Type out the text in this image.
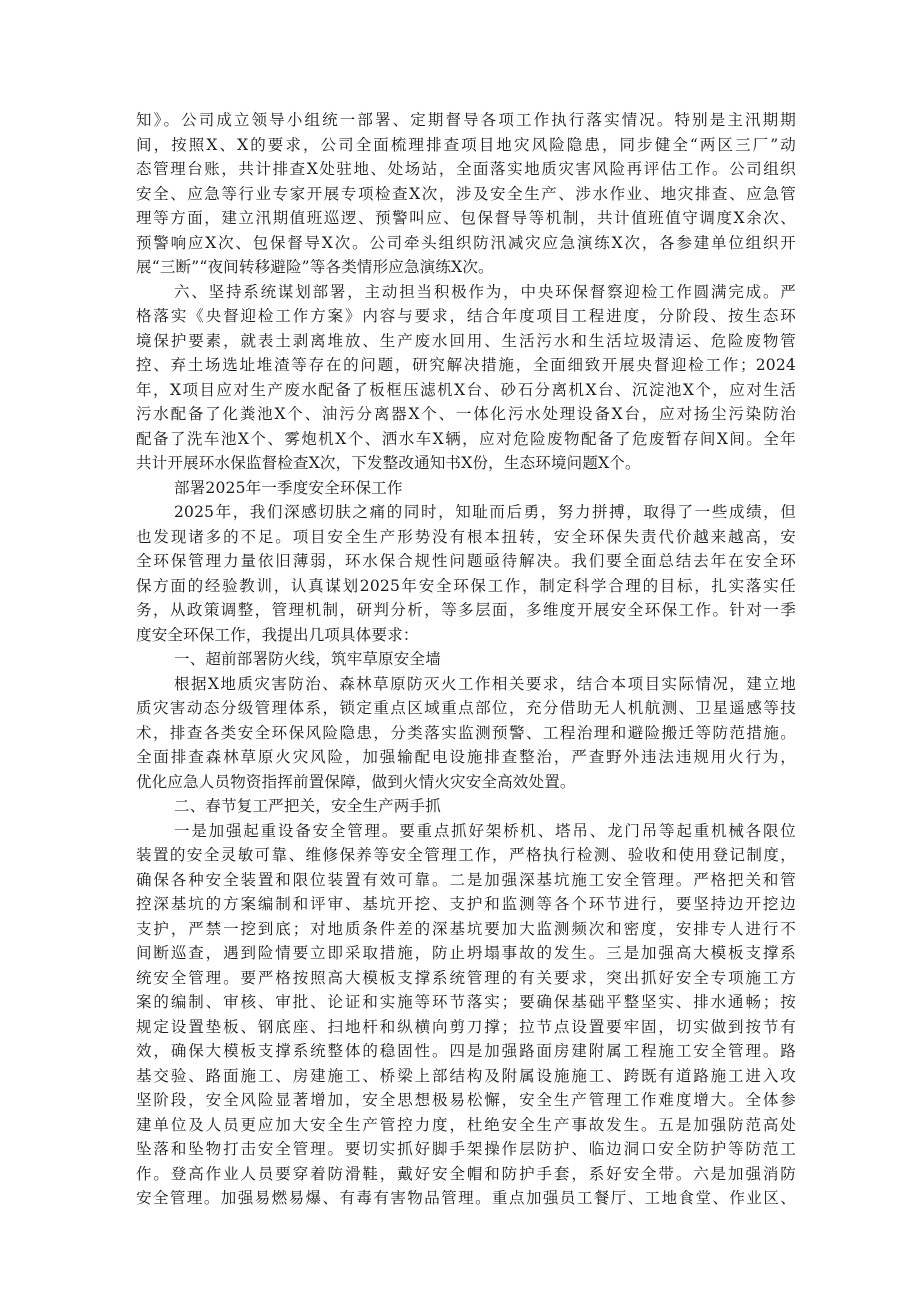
知》。公司成立领导小组统一部署、定期督导各项工作执行落实情况。特别是主汛期期
间，按照X、X的要求，公司全面梳理排查项目地灾风险隐患，同步健全“两区三厂”动
态管理台账，共计排查X处驻地、处场站，全面落实地质灾害风险再评估工作。公司组织
安全、应急等行业专家开展专项检查X次，涉及安全生产、涉水作业、地灾排查、应急管
理等方面，建立汛期值班巡逻、预警叫应、包保督导等机制，共计值班值守调度X余次、
预警响应X次、包保督导X次。公司牵头组织防汛减灾应急演练X次，各参建单位组织开
展“三断”“夜间转移避险”等各类情形应急演练X次。
六、坚持系统谋划部署，主动担当积极作为，中央环保督察迎检工作圆满完成。严
格落实《央督迎检工作方案》内容与要求，结合年度项目工程进度，分阶段、按生态环
境保护要素，就表土剥离堆放、生产废水回用、生活污水和生活垃圾清运、危险废物管
控、弃土场选址堆渣等存在的问题，研究解决措施，全面细致开展央督迎检工作；2024
年，X项目应对生产废水配备了板框压滤机X台、砂石分离机X台、沉淀池X个，应对生活
污水配备了化粪池X个、油污分离器X个、一体化污水处理设备X台，应对扬尘污染防治
配备了洗车池X个、雾炮机X个、洒水车X辆，应对危险废物配备了危废暂存间X间。全年
共计开展环水保监督检查X次，下发整改通知书X份，生态环境问题X个。
部署2025年一季度安全环保工作
2025年，我们深感切肤之痛的同时，知耻而后勇，努力拼搏，取得了一些成绩，但
也发现诸多的不足。项目安全生产形势没有根本扭转，安全环保失责代价越来越高，安
全环保管理力量依旧薄弱，环水保合规性问题亟待解决。我们要全面总结去年在安全环
保方面的经验教训，认真谋划2025年安全环保工作，制定科学合理的目标，扎实落实任
务，从政策调整，管理机制，研判分析，等多层面，多维度开展安全环保工作。针对一季
度安全环保工作，我提出几项具体要求：
一、超前部署防火线，筑牢草原安全墙
根据X地质灾害防治、森林草原防灭火工作相关要求，结合本项目实际情况，建立地
质灾害动态分级管理体系，锁定重点区域重点部位，充分借助无人机航测、卫星遥感等技
术，排查各类安全环保风险隐患，分类落实监测预警、工程治理和避险搬迁等防范措施。
全面排查森林草原火灾风险，加强输配电设施排查整治，严查野外违法违规用火行为，
优化应急人员物资指挥前置保障，做到火情火灾安全高效处置。
二、春节复工严把关，安全生产两手抓
一是加强起重设备安全管理。要重点抓好架桥机、塔吊、龙门吊等起重机械各限位
装置的安全灵敏可靠、维修保养等安全管理工作，严格执行检测、验收和使用登记制度，
确保各种安全装置和限位装置有效可靠。二是加强深基坑施工安全管理。严格把关和管
控深基坑的方案编制和评审、基坑开挖、支护和监测等各个环节进行，要坚持边开挖边
支护，严禁一挖到底；对地质条件差的深基坑要加大监测频次和密度，安排专人进行不
间断巡查，遇到险情要立即采取措施，防止坍塌事故的发生。三是加强高大模板支撑系
统安全管理。要严格按照高大模板支撑系统管理的有关要求，突出抓好安全专项施工方
案的编制、审核、审批、论证和实施等环节落实；要确保基础平整坚实、排水通畅；按
规定设置垫板、钢底座、扫地杆和纵横向剪刀撑；拉节点设置要牢固，切实做到按节有
效，确保大模板支撑系统整体的稳固性。四是加强路面房建附属工程施工安全管理。路
基交验、路面施工、房建施工、桥梁上部结构及附属设施施工、跨既有道路施工进入攻
坚阶段，安全风险显著增加，安全思想极易松懈，安全生产管理工作难度增大。全体参
建单位及人员更应加大安全生产管控力度，杜绝安全生产事故发生。五是加强防范高处
坠落和坠物打击安全管理。要切实抓好脚手架操作层防护、临边洞口安全防护等防范工
作。登高作业人员要穿着防滑鞋，戴好安全帽和防护手套，系好安全带。六是加强消防
安全管理。加强易燃易爆、有毒有害物品管理。重点加强员工餐厅、工地食堂、作业区、
